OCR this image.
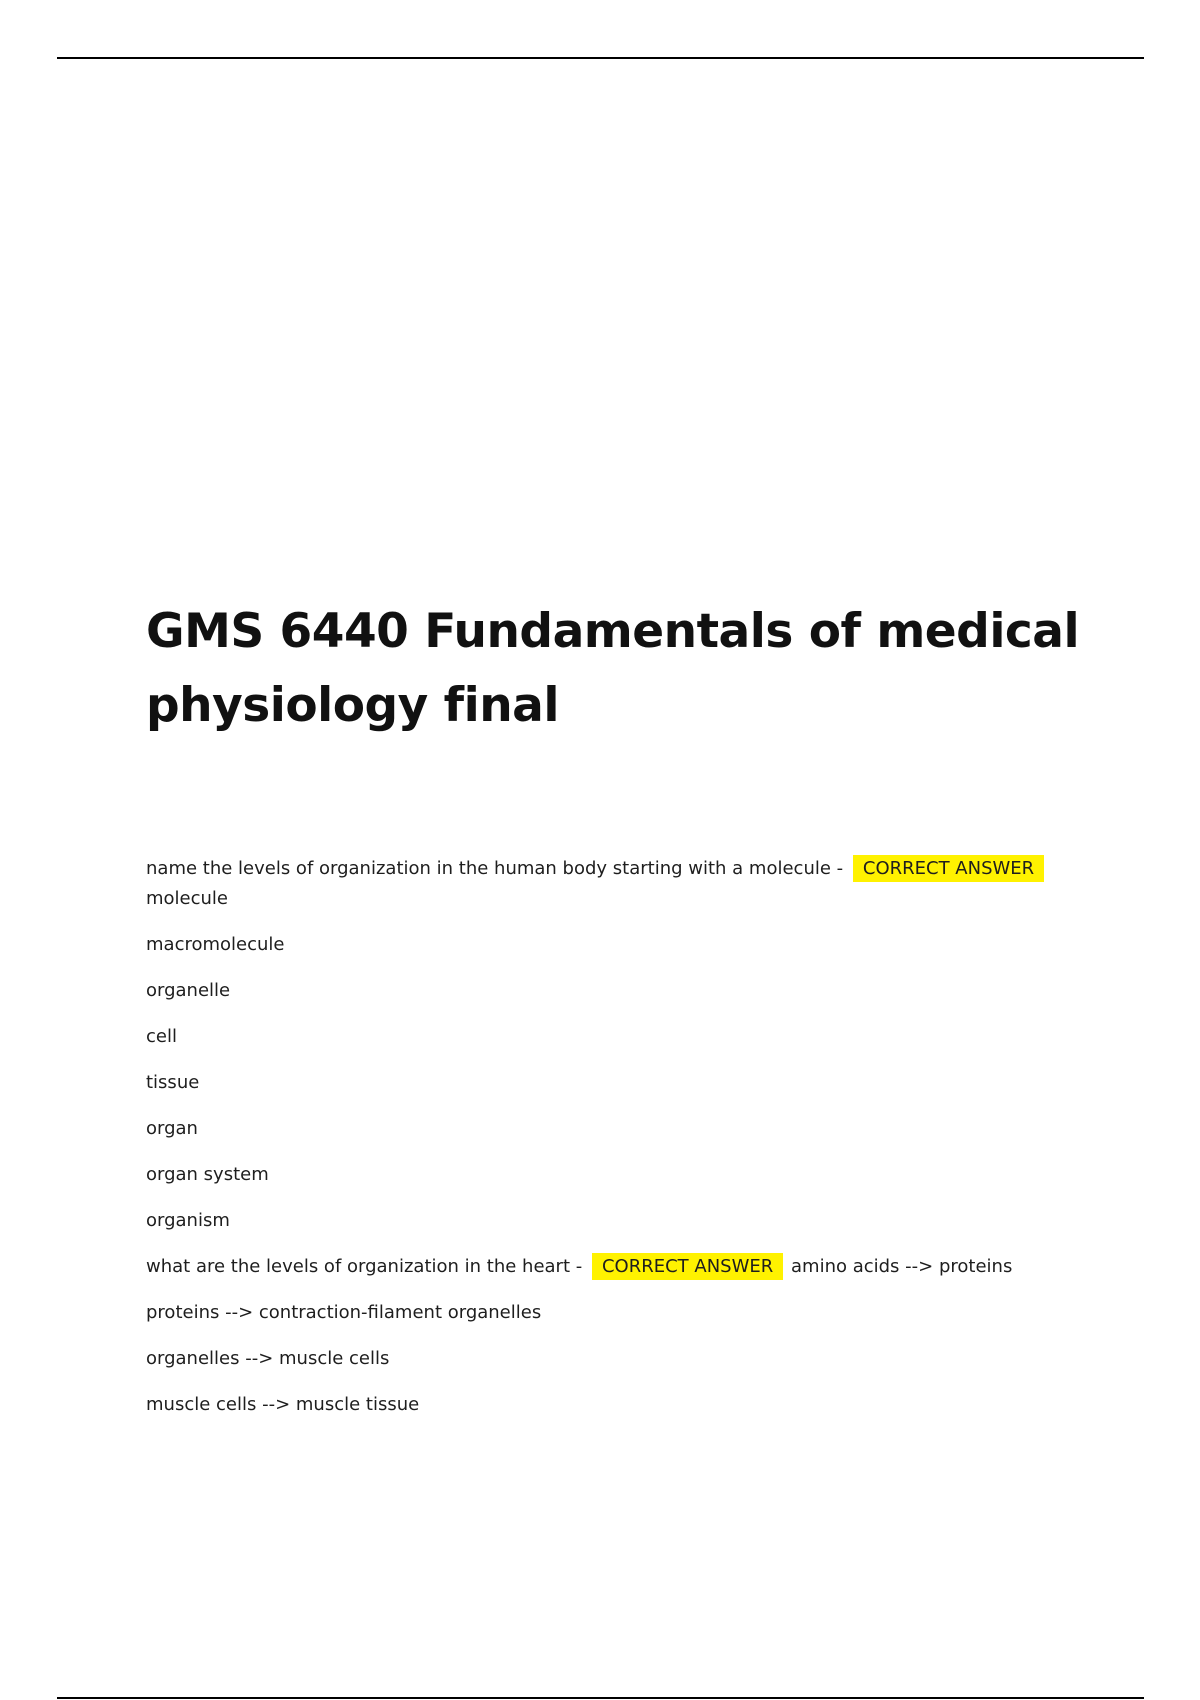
GMS 6440 Fundamentals of medical physiology final
name the levels of organization in the human body starting with a molecule - CORRECT ANSWER
molecule
macromolecule
organelle
cell
tissue
organ
organ system
organism
what are the levels of organization in the heart - CORRECT ANSWER amino acids --> proteins
proteins --> contraction-filament organelles
organelles --> muscle cells
muscle cells --> muscle tissue
